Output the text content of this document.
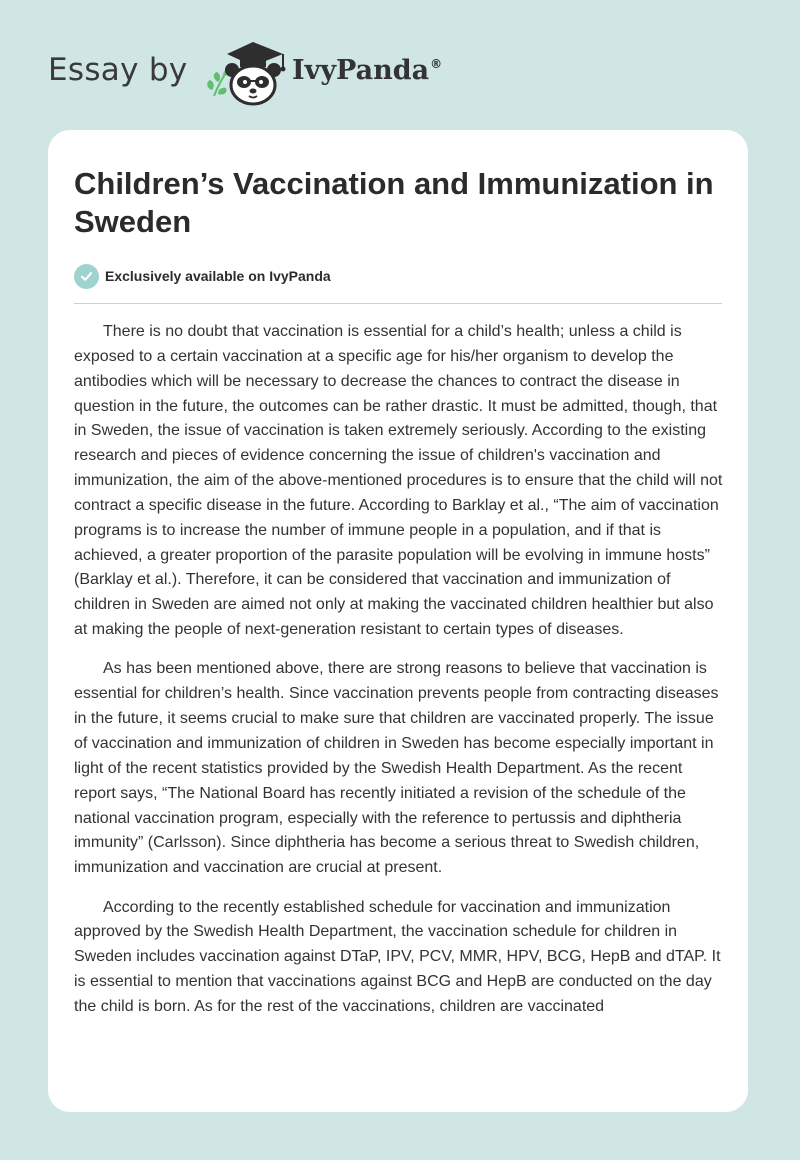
Essay by	IvyPanda®
Children’s Vaccination and Immunization in Sweden
Exclusively available on IvyPanda

There is no doubt that vaccination is essential for a child’s health; unless a child is exposed to a certain vaccination at a specific age for his/her organism to develop the antibodies which will be necessary to decrease the chances to contract the disease in question in the future, the outcomes can be rather drastic. It must be admitted, though, that in Sweden, the issue of vaccination is taken extremely seriously. According to the existing research and pieces of evidence concerning the issue of children's vaccination and immunization, the aim of the above-mentioned procedures is to ensure that the child will not contract a specific disease in the future. According to Barklay et al., “The aim of vaccination programs is to increase the number of immune people in a population, and if that is achieved, a greater proportion of the parasite population will be evolving in immune hosts” (Barklay et al.). Therefore, it can be considered that vaccination and immunization of children in Sweden are aimed not only at making the vaccinated children healthier but also at making the people of next-generation resistant to certain types of diseases.

As has been mentioned above, there are strong reasons to believe that vaccination is essential for children’s health. Since vaccination prevents people from contracting diseases in the future, it seems crucial to make sure that children are vaccinated properly. The issue of vaccination and immunization of children in Sweden has become especially important in light of the recent statistics provided by the Swedish Health Department. As the recent report says, “The National Board has recently initiated a revision of the schedule of the national vaccination program, especially with the reference to pertussis and diphtheria immunity” (Carlsson). Since diphtheria has become a serious threat to Swedish children, immunization and vaccination are crucial at present.

According to the recently established schedule for vaccination and immunization approved by the Swedish Health Department, the vaccination schedule for children in Sweden includes vaccination against DTaP, IPV, PCV, MMR, HPV, BCG, HepB and dTAP. It is essential to mention that vaccinations against BCG and HepB are conducted on the day the child is born. As for the rest of the vaccinations, children are vaccinated
